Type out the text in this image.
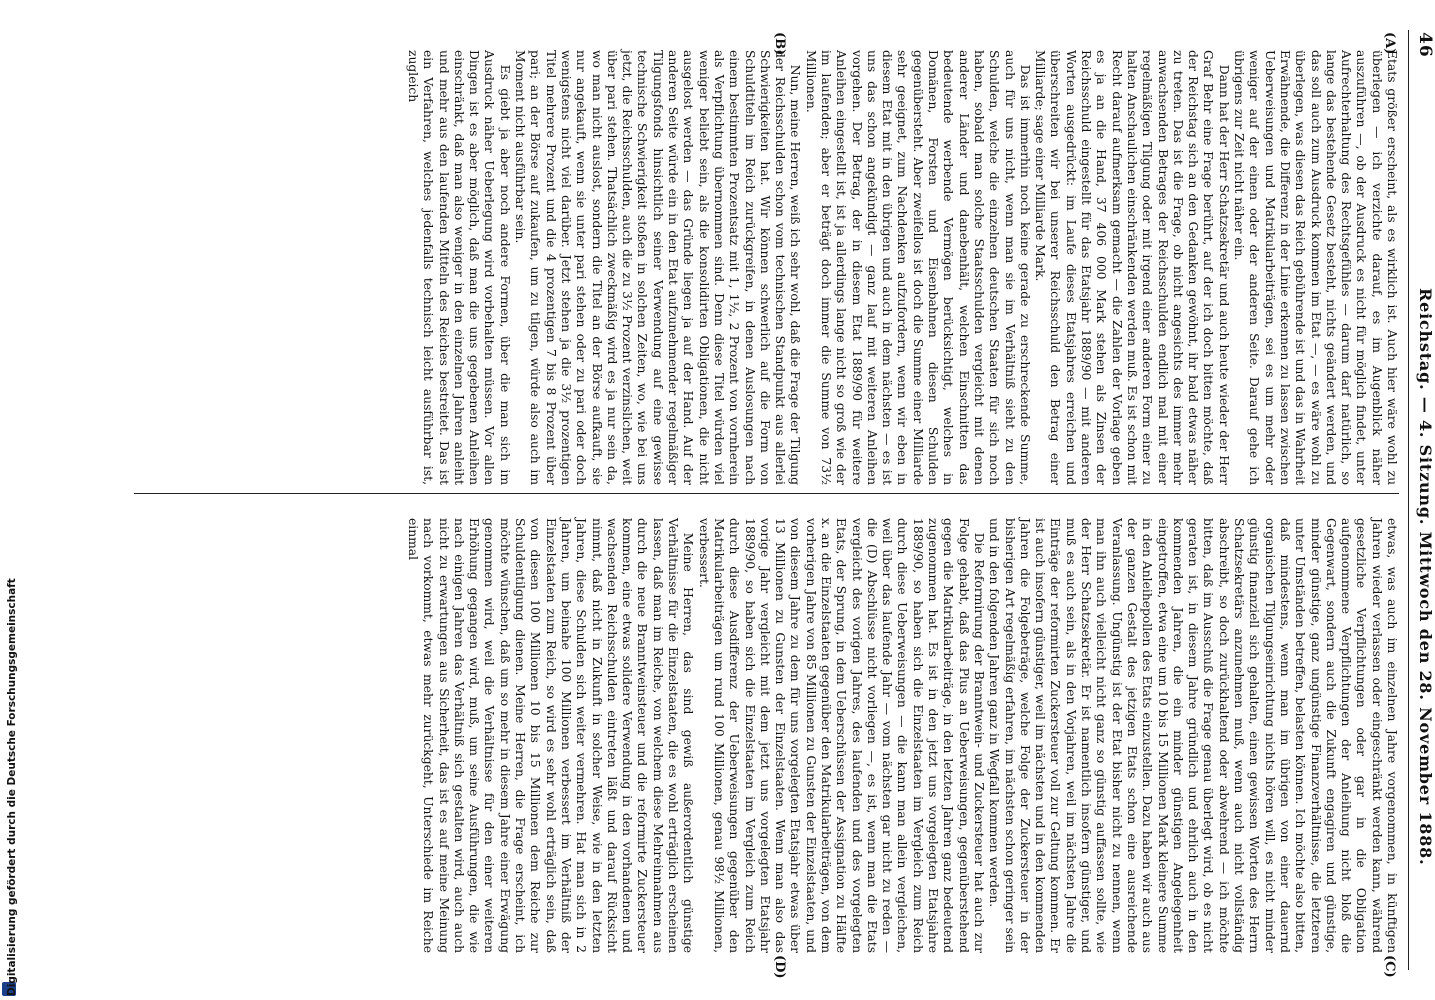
46
Reichstag. — 4. Sitzung. Mittwoch den 28. November 1888.
(A)
(B)
(C)
(D)

Etats größer erscheint, als es wirklich ist. Auch hier wäre wohl zu überlegen — ich verzichte darauf, es im Augenblick näher auszuführen —, ob der Ausdruck es nicht für möglich findet, unter Aufrechterhaltung des Rechtsgefühles — darum darf natürlich, so lange das bestehende Gesetz besteht, nichts geändert werden, und das soll auch zum Ausdruck kommen im Etat —, — es wäre wohl zu überlegen, was diesen das Reich gebührende ist und das in Wahrheit Erwähnende, die Differenz in der Linie erkennen zu lassen zwischen Ueberweisungen und Matrikularbeiträgen, sei es um mehr oder weniger auf der einen oder der anderen Seite. Darauf gehe ich übrigens zur Zeit nicht näher ein.

Dann hat der Herr Schatzsekretär und auch heute wieder der Herr Graf Behr eine Frage berührt, auf der ich doch bitten möchte, daß der Reichstag sich an den Gedanken gewöhnt, ihr bald etwas näher zu treten. Das ist die Frage, ob nicht angesichts des immer mehr anwachsenden Betrages der Reichsschulden endlich mal mit einer regelmäßigen Tilgung oder mit irgend einer anderen Form einer zu halten Anschaulichen einschränkenden werden muß. Es ist schon mit Recht darauf aufmerksam gemacht — die Zahlen der Vorlage geben es ja an die Hand, 37 406 000 Mark stehen als Zinsen der Reichsschuld eingestellt für das Etatsjahr 1889/90 — mit anderen Worten ausgedrückt: im Laufe dieses Etatsjahres erreichen und überschreiten wir bei unserer Reichsschuld den Betrag einer Milliarde; sage einer Milliarde Mark.

Das ist immerhin noch keine gerade zu erschreckende Summe, auch für uns nicht, wenn man sie im Verhältniß sieht zu den Schulden, welche die einzelnen deutschen Staaten für sich noch haben, sobald man solche Staatsschulden vergleicht mit denen anderer Länder und danebenhält, welchen Einschnitten das bedeutende werbende Vermögen berücksichtigt, welches in Domänen, Forsten und Eisenbahnen diesen Schulden gegenübersteht. Aber zweifellos ist doch die Summe einer Milliarde sehr geeignet, zum Nachdenken aufzufordern, wenn wir eben in diesem Etat mit in den übrigen und auch in dem nächsten — es ist uns das schon angekündigt — ganz lauf mit weiteren Anleihen vorgehen. Der Betrag, der in diesem Etat 1889/90 für weitere Anleihen eingestellt ist, ist ja allerdings lange nicht so groß wie der im laufenden; aber er beträgt doch immer die Summe von 73½ Millionen.

Nun, meine Herren, weiß ich sehr wohl, daß die Frage der Tilgung der Reichsschulden schon vom technischen Standpunkt aus allerlei Schwierigkeiten hat. Wir können schwerlich auf die Form von Schuldtiteln im Reich zurückgreifen, in denen Auslosungen nach einem bestimmten Prozentsatz mit 1, 1½, 2 Prozent von vornherein als Verpflichtung übernommen sind. Denn diese Titel würden viel weniger beliebt sein, als die konsolidirten Obligationen, die nicht ausgelost werden — das Gründe liegen ja auf der Hand. Auf der anderen Seite würde ein in den Etat aufzunehmender regelmäßiger Tilgungsfonds hinsichtlich seiner Verwendung auf eine gewisse technische Schwierigkeit stoßen in solchen Zeiten, wo, wie bei uns jetzt, die Reichsschulden, auch die zu 3½ Prozent verzinslichen, weit über pari stehen. Thatsächlich zweckmäßig wird es ja nur sein da, wo man nicht auslost, sondern die Titel an der Börse aufkauft, sie nur angekauft, wenn sie unter pari stehen oder zu pari oder doch wenigstens nicht viel darüber. Jetzt stehen ja die 3½ prozentigen Titel mehrere Prozent und die 4 prozentigen 7 bis 8 Prozent über pari; an der Börse auf zukaufen, um zu tilgen, würde also auch im Moment nicht ausführbar sein.

Es giebt ja aber noch andere Formen, über die man sich im Ausdruck näher Ueberlegung wird vorbehalten müssen. Vor allen Dingen ist es aber möglich, daß man die uns gegebenen Anleihen einschränkt, daß man also weniger in den einzelnen Jahren anleiht und mehr aus den laufenden Mitteln des Reiches bestreitet. Das ist ein Verfahren, welches jedenfalls technisch leicht ausführbar ist, zugleich

etwas, was auch im einzelnen Jahre vorgenommen, in künftigen Jahren wieder verlassen oder eingeschränkt werden kann, während gesetzliche Verpflichtungen oder gar in die Obligation aufgenommene Verpflichtungen der Anleihung nicht bloß die Gegenwart, sondern auch die Zukunft engagiren und günstige, minder günstige, ganz ungünstige Finanzverhältnisse, die letzteren unter Umständen betreffen, belasten können. Ich möchte also bitten, daß mindestens, wenn man im übrigen von einer dauernd organischen Tilgungseinrichtung nichts hören will, es nicht minder günstig finanziell sich gehalten, einen gewissen Worten des Herrn Schatzsekretärs anzunehmen muß, wenn auch nicht vollständig abschreibt, so doch zurückhaltend oder abwehrend — ich möchte bitten, daß im Ausschuß die Frage genau überlegt wird, ob es nicht geraten ist, in diesem Jahre gründlich und ehrlich auch in den kommenden Jahren, die ein minder günstigen Angelegenheit eingetroffen, etwa eine um 10 bis 15 Millionen Mark kleinere Summe in den Anleihepollen des Etats einzustellen. Dazu haben wir auch aus der ganzen Gestalt des jetzigen Etats schon eine ausreichende Veranlassung. Ungünstig ist der Etat bisher nicht zu nennen, wenn man ihn auch vielleicht nicht ganz so günstig auffassen sollte, wie der Herr Schatzsekretär. Er ist namentlich insofern günstiger, und muß es auch sein, als in den Vorjahren, weil im nächsten Jahre die Einträge der reformirten Zuckersteuer voll zur Geltung kommen. Er ist auch insofern günstiger, weil im nächsten und in den kommenden Jahren die Folgebeträge, welche Folge der Zuckersteuer in der bisherigen Art regelmäßig erfahren, im nächsten schon geringer sein und in den folgenden Jahren ganz in Wegfall kommen werden.

Die Reformirung der Branntwein- und Zuckersteuer hat auch zur Folge gehabt, daß das Plus an Ueberweisungen, gegenüberstehend gegen die Matrikularbeiträge, in den letzten Jahren ganz bedeutend zugenommen hat. Es ist in den jetzt uns vorgelegten Etatsjahre 1889/90, so haben sich die Einzelstaaten im Vergleich zum Reich durch diese Ueberweisungen — die kann man allein vergleichen, weil über das laufende Jahr — vom nächsten gar nicht zu reden — die (D) Abschlüsse nicht vorliegen —, es ist, wenn man die Etats vergleicht des vorigen Jahres, des laufenden und des vorgelegten Etats, der Sprung, in dem Ueberschüssen der Assignation zu Hälfte x. an die Einzelstaaten gegenüber den Matrikularbeiträgen, von dem vorherigen Jahre von 85 Millionen zu Gunsten der Einzelstaaten, und von diesem Jahre zu dem für uns vorgelegten Etatsjahr etwas über 13 Millionen zu Gunsten der Einzelstaaten. Wenn man also das vorige Jahr vergleicht mit dem jetzt uns vorgelegten Etatsjahr 1889/90, so haben sich die Einzelstaaten im Vergleich zum Reich durch diese Ausdifferenz der Ueberweisungen gegenüber den Matrikularbeiträgen um rund 100 Millionen, genau 98½ Millionen, verbessert.

Meine Herren, das sind gewiß außerordentlich günstige Verhältnisse für die Einzelstaaten, die es wohl erträglich erscheinen lassen, daß man im Reiche, von welchem diese Mehreinnahmen aus durch die neue Branntweinsteuer und die reformirte Zuckersteuer kommen, eine etwas solidere Verwendung in den vorhandenen und wachsenden Reichsschulden eintreten läßt und darauf Rücksicht nimmt, daß nicht in Zukunft in solcher Weise, wie in den letzten Jahren, diese Schulden sich weiter vermehren. Hat man sich in 2 Jahren, um beinahe 100 Millionen verbessert im Verhältniß der Einzelstaaten zum Reich, so wird es sehr wohl erträglich sein, daß von diesen 100 Millionen 10 bis 15 Millionen dem Reiche zur Schuldentilgung dienen. Meine Herren, die Frage erscheint, ich möchte wünschen, daß um so mehr in diesem Jahre einer Erwägung genommen wird, weil die Verhältnisse für den einer weiteren Erhöhung gegangen wird, muß, um seine Ausführungen, die wie nach einigen Jahren das Verhältniß sich gestalten wird, auch auch nicht zu erwartungen aus Sicherheit, das ist es auf meine Meinung nach vorkommt, etwas mehr zurückgeht, Unterschiede im Reiche einmal

Digitalisierung gefördert durch die Deutsche Forschungsgemeinschaft
